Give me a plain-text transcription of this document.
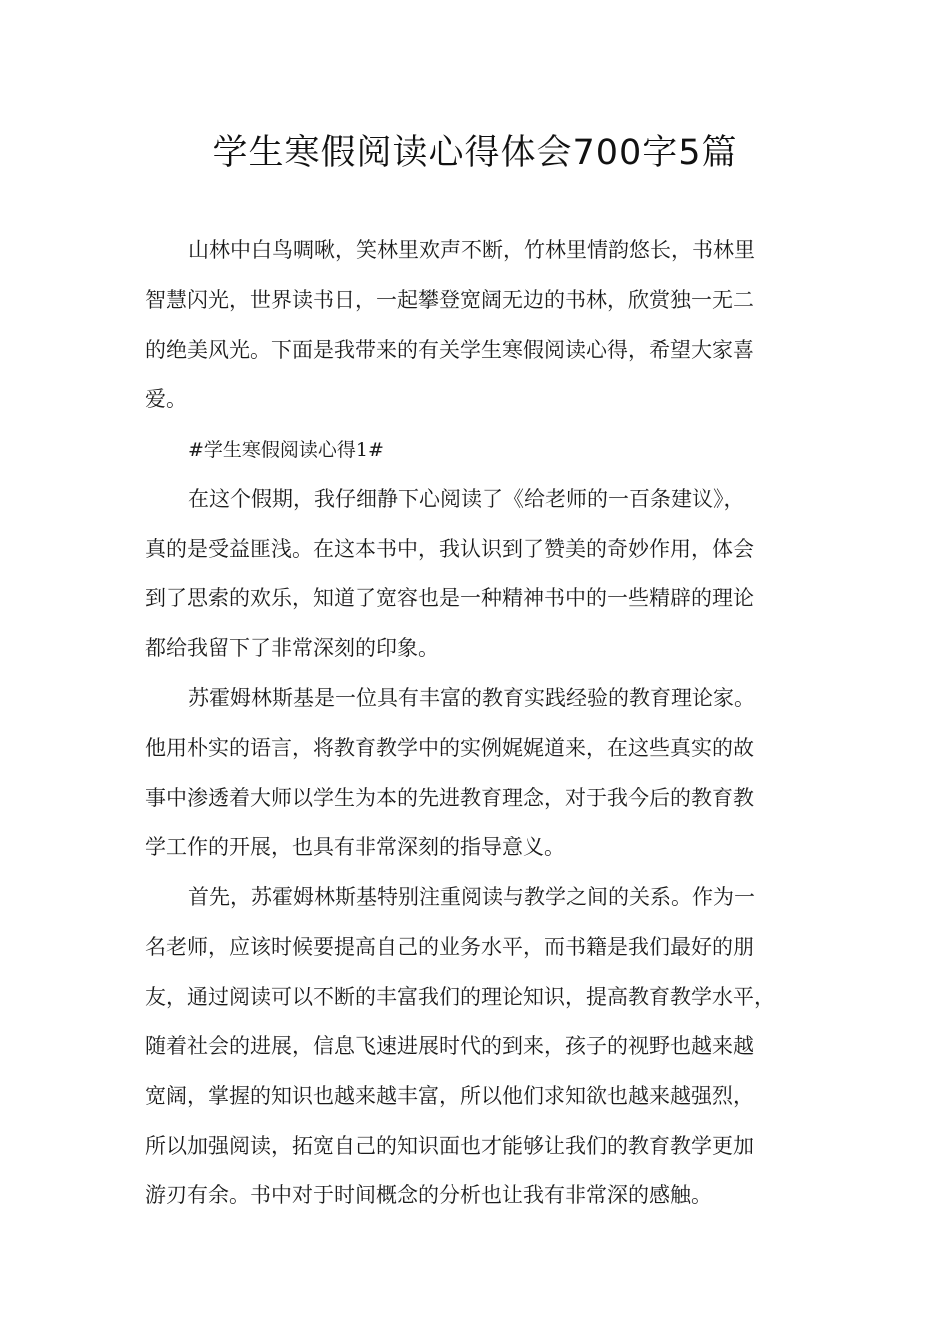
学生寒假阅读心得体会700字5篇
山林中白鸟啁啾，笑林里欢声不断，竹林里情韵悠长，书林里
智慧闪光，世界读书日，一起攀登宽阔无边的书林，欣赏独一无二
的绝美风光。下面是我带来的有关学生寒假阅读心得，希望大家喜
爱。
#学生寒假阅读心得1#
在这个假期，我仔细静下心阅读了《给老师的一百条建议》，
真的是受益匪浅。在这本书中，我认识到了赞美的奇妙作用，体会
到了思索的欢乐，知道了宽容也是一种精神书中的一些精辟的理论
都给我留下了非常深刻的印象。
苏霍姆林斯基是一位具有丰富的教育实践经验的教育理论家。
他用朴实的语言，将教育教学中的实例娓娓道来，在这些真实的故
事中渗透着大师以学生为本的先进教育理念，对于我今后的教育教
学工作的开展，也具有非常深刻的指导意义。
首先，苏霍姆林斯基特别注重阅读与教学之间的关系。作为一
名老师，应该时候要提高自己的业务水平，而书籍是我们最好的朋
友，通过阅读可以不断的丰富我们的理论知识，提高教育教学水平，
随着社会的进展，信息飞速进展时代的到来，孩子的视野也越来越
宽阔，掌握的知识也越来越丰富，所以他们求知欲也越来越强烈，
所以加强阅读，拓宽自己的知识面也才能够让我们的教育教学更加
游刃有余。书中对于时间概念的分析也让我有非常深的感触。
